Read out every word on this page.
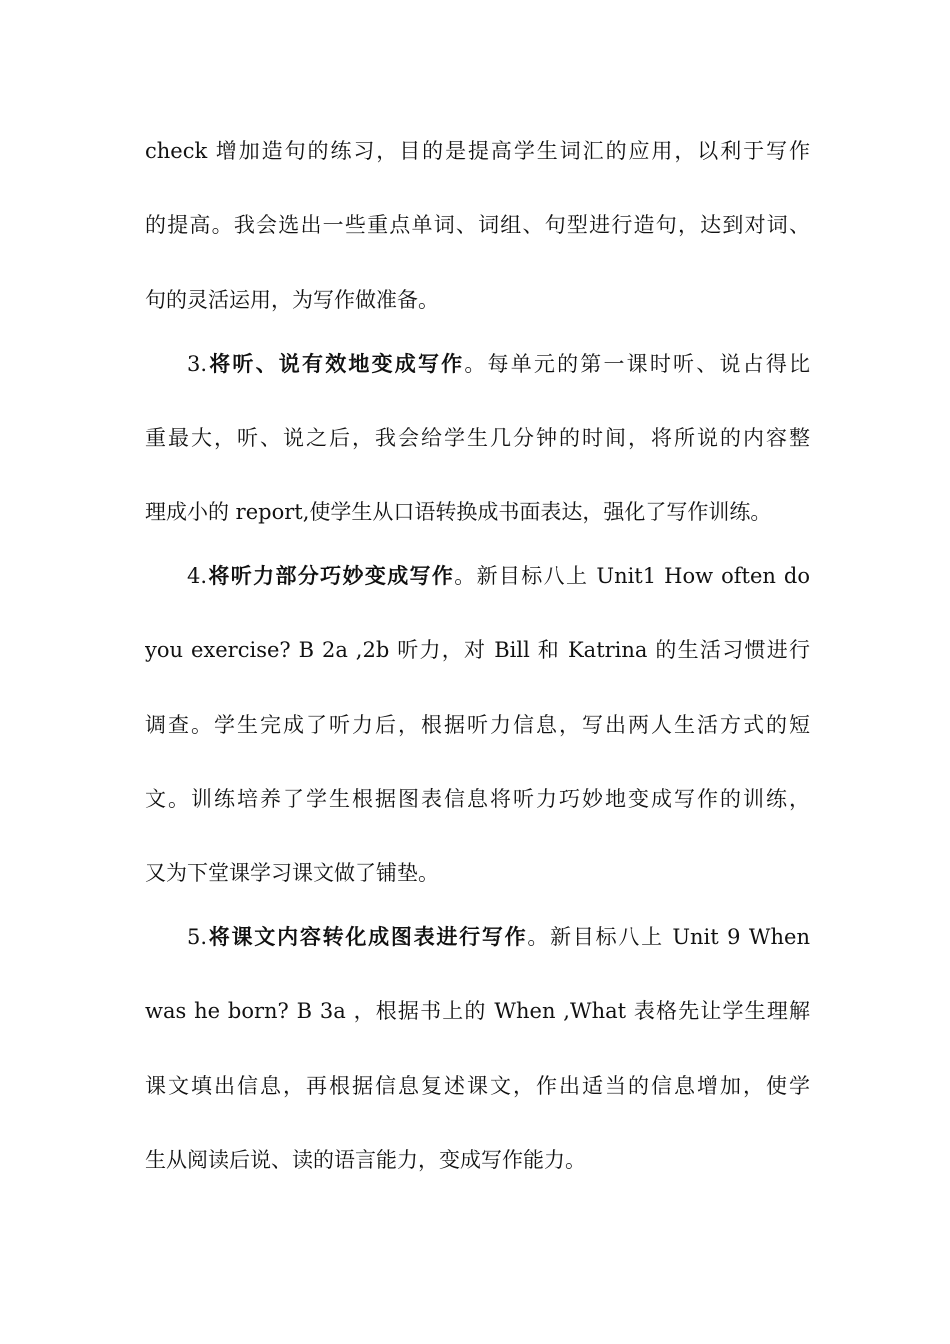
check 增加造句的练习，目的是提高学生词汇的应用，以利于写作
的提高。我会选出一些重点单词、词组、句型进行造句，达到对词、
句的灵活运用，为写作做准备。
3.将听、说有效地变成写作。每单元的第一课时听、说占得比
重最大，听、说之后，我会给学生几分钟的时间，将所说的内容整
理成小的 report,使学生从口语转换成书面表达，强化了写作训练。
4.将听力部分巧妙变成写作。新目标八上 Unit1 How often do
you exercise? B 2a ,2b 听力，对 Bill 和 Katrina 的生活习惯进行
调查。学生完成了听力后，根据听力信息，写出两人生活方式的短
文。训练培养了学生根据图表信息将听力巧妙地变成写作的训练，
又为下堂课学习课文做了铺垫。
5.将课文内容转化成图表进行写作。新目标八上 Unit 9 When
was he born? B 3a ，根据书上的 When ,What 表格先让学生理解
课文填出信息，再根据信息复述课文，作出适当的信息增加，使学
生从阅读后说、读的语言能力，变成写作能力。
